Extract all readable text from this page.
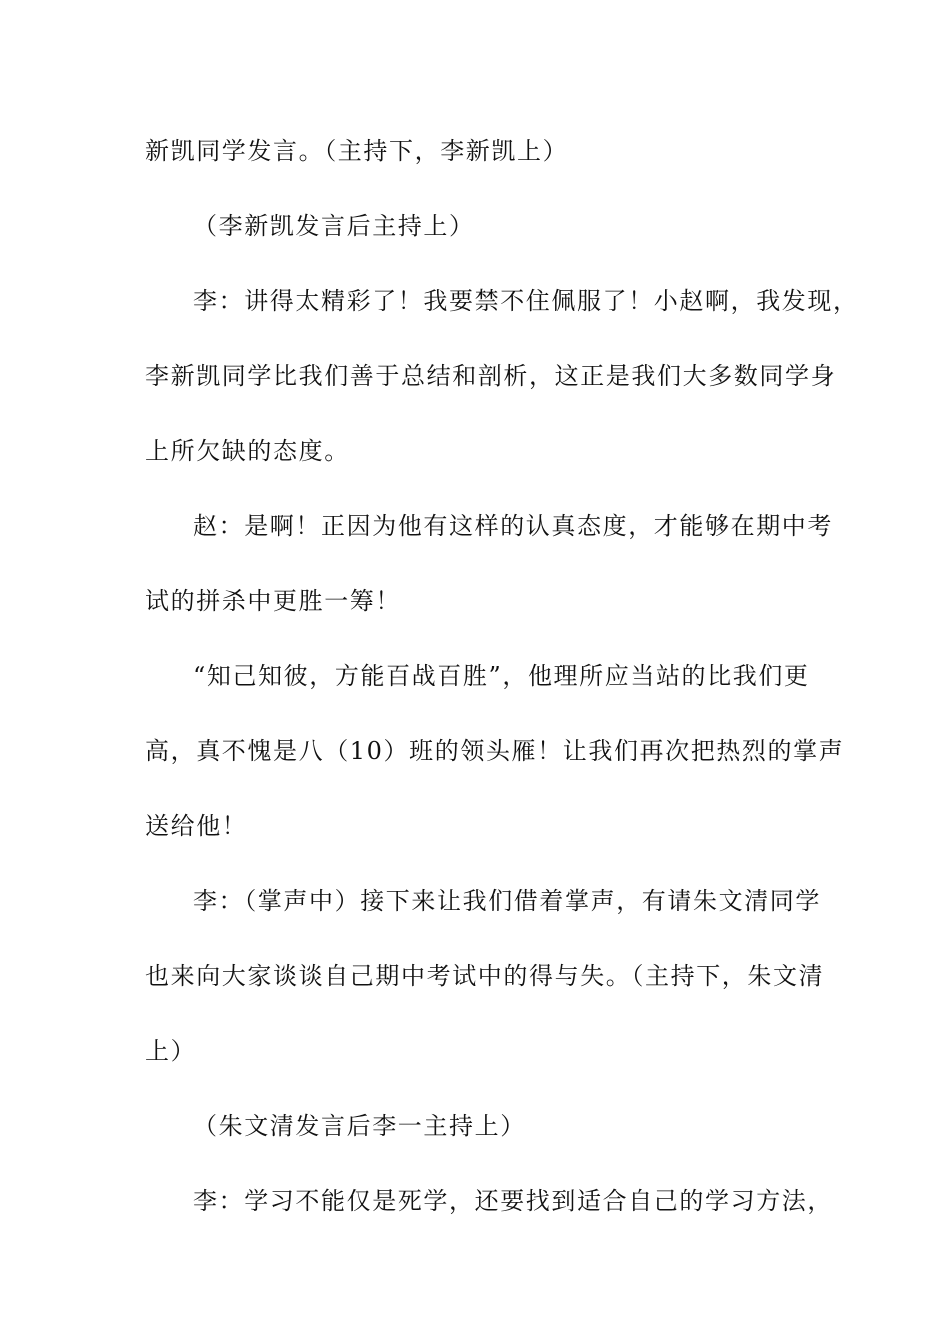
新凯同学发言。（主持下，李新凯上）
（李新凯发言后主持上）
李：讲得太精彩了！我要禁不住佩服了！小赵啊，我发现，
李新凯同学比我们善于总结和剖析，这正是我们大多数同学身
上所欠缺的态度。
赵：是啊！正因为他有这样的认真态度，才能够在期中考
试的拼杀中更胜一筹！
“知己知彼，方能百战百胜”，他理所应当站的比我们更
高，真不愧是八（10）班的领头雁！让我们再次把热烈的掌声
送给他！
李：（掌声中）接下来让我们借着掌声，有请朱文清同学
也来向大家谈谈自己期中考试中的得与失。（主持下，朱文清
上）
（朱文清发言后李一主持上）
李：学习不能仅是死学，还要找到适合自己的学习方法，
